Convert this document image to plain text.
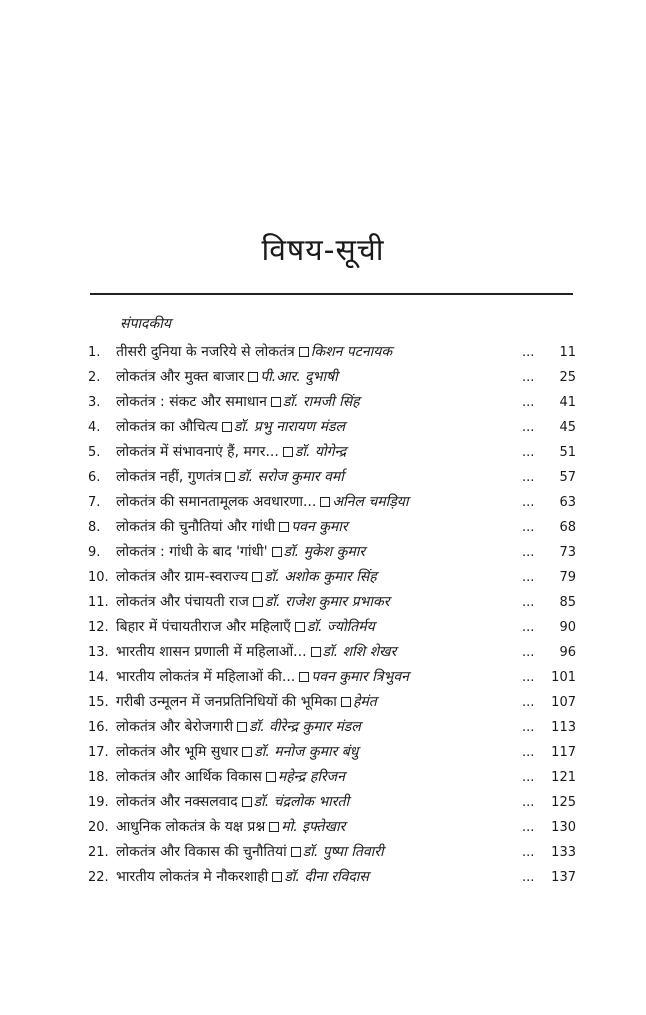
विषय-सूची
संपादकीय
1.	तीसरी दुनिया के नजरिये से लोकतंत्र किशन पटनायक	...	11
2.	लोकतंत्र और मुक्त बाजार पी.आर. दुभाषी	...	25
3.	लोकतंत्र : संकट और समाधान डॉ. रामजी सिंह	...	41
4.	लोकतंत्र का औचित्य डॉ. प्रभु नारायण मंडल	...	45
5.	लोकतंत्र में संभावनाएं हैं, मगर... डॉ. योगेन्द्र	...	51
6.	लोकतंत्र नहीं, गुणतंत्र डॉ. सरोज कुमार वर्मा	...	57
7.	लोकतंत्र की समानतामूलक अवधारणा... अनिल चमड़िया	...	63
8.	लोकतंत्र की चुनौतियां और गांधी पवन कुमार	...	68
9.	लोकतंत्र : गांधी के बाद 'गांधी' डॉ. मुकेश कुमार	...	73
10. लोकतंत्र और ग्राम-स्वराज्य डॉ. अशोक कुमार सिंह	...	79
11. लोकतंत्र और पंचायती राज डॉ. राजेश कुमार प्रभाकर	...	85
12. बिहार में पंचायतीराज और महिलाएँ डॉ. ज्योतिर्मय	...	90
13. भारतीय शासन प्रणाली में महिलाओं... डॉ. शशि शेखर	...	96
14. भारतीय लोकतंत्र में महिलाओं की... पवन कुमार त्रिभुवन	...	101
15. गरीबी उन्मूलन में जनप्रतिनिधियों की भूमिका हेमंत	...	107
16. लोकतंत्र और बेरोजगारी डॉ. वीरेन्द्र कुमार मंडल	...	113
17. लोकतंत्र और भूमि सुधार डॉ. मनोज कुमार बंधु	...	117
18. लोकतंत्र और आर्थिक विकास महेन्द्र हरिजन	...	121
19. लोकतंत्र और नक्सलवाद डॉ. चंद्रलोक भारती	...	125
20. आधुनिक लोकतंत्र के यक्ष प्रश्न मो. इफ्तेखार	...	130
21. लोकतंत्र और विकास की चुनौतियां डॉ. पुष्पा तिवारी	...	133
22. भारतीय लोकतंत्र मे नौकरशाही डॉ. दीना रविदास	...	137
